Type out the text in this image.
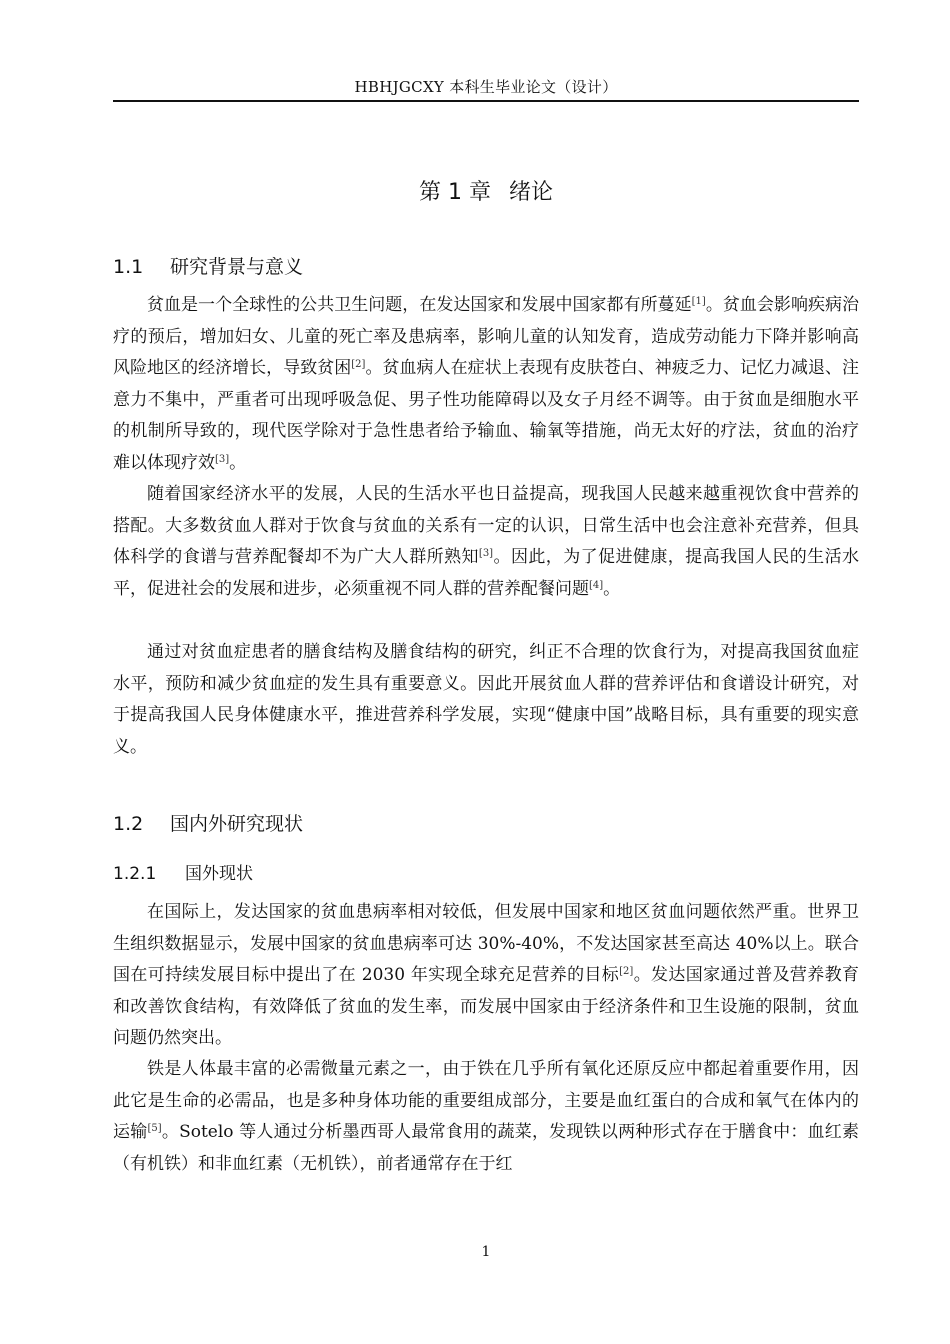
HBHJGCXY 本科生毕业论文（设计）
第 1 章 绪论
1.1 研究背景与意义

贫血是一个全球性的公共卫生问题，在发达国家和发展中国家都有所蔓延[1]。贫血会影响疾病治疗的预后，增加妇女、儿童的死亡率及患病率，影响儿童的认知发育，造成劳动能力下降并影响高风险地区的经济增长，导致贫困[2]。贫血病人在症状上表现有皮肤苍白、神疲乏力、记忆力减退、注意力不集中，严重者可出现呼吸急促、男子性功能障碍以及女子月经不调等。由于贫血是细胞水平的机制所导致的，现代医学除对于急性患者给予输血、输氧等措施，尚无太好的疗法，贫血的治疗难以体现疗效[3]。

随着国家经济水平的发展，人民的生活水平也日益提高，现我国人民越来越重视饮食中营养的搭配。大多数贫血人群对于饮食与贫血的关系有一定的认识，日常生活中也会注意补充营养，但具体科学的食谱与营养配餐却不为广大人群所熟知[3]。因此，为了促进健康，提高我国人民的生活水平，促进社会的发展和进步，必须重视不同人群的营养配餐问题[4]。

通过对贫血症患者的膳食结构及膳食结构的研究，纠正不合理的饮食行为，对提高我国贫血症水平，预防和减少贫血症的发生具有重要意义。因此开展贫血人群的营养评估和食谱设计研究，对于提高我国人民身体健康水平，推进营养科学发展，实现“健康中国”战略目标，具有重要的现实意义。

1.2 国内外研究现状
1.2.1 国外现状

在国际上，发达国家的贫血患病率相对较低，但发展中国家和地区贫血问题依然严重。世界卫生组织数据显示，发展中国家的贫血患病率可达 30%-40%，不发达国家甚至高达 40%以上。联合国在可持续发展目标中提出了在 2030 年实现全球充足营养的目标[2]。发达国家通过普及营养教育和改善饮食结构，有效降低了贫血的发生率，而发展中国家由于经济条件和卫生设施的限制，贫血问题仍然突出。

铁是人体最丰富的必需微量元素之一，由于铁在几乎所有氧化还原反应中都起着重要作用，因此它是生命的必需品，也是多种身体功能的重要组成部分，主要是血红蛋白的合成和氧气在体内的运输[5]。Sotelo 等人通过分析墨西哥人最常食用的蔬菜，发现铁以两种形式存在于膳食中：血红素（有机铁）和非血红素（无机铁），前者通常存在于红

1
